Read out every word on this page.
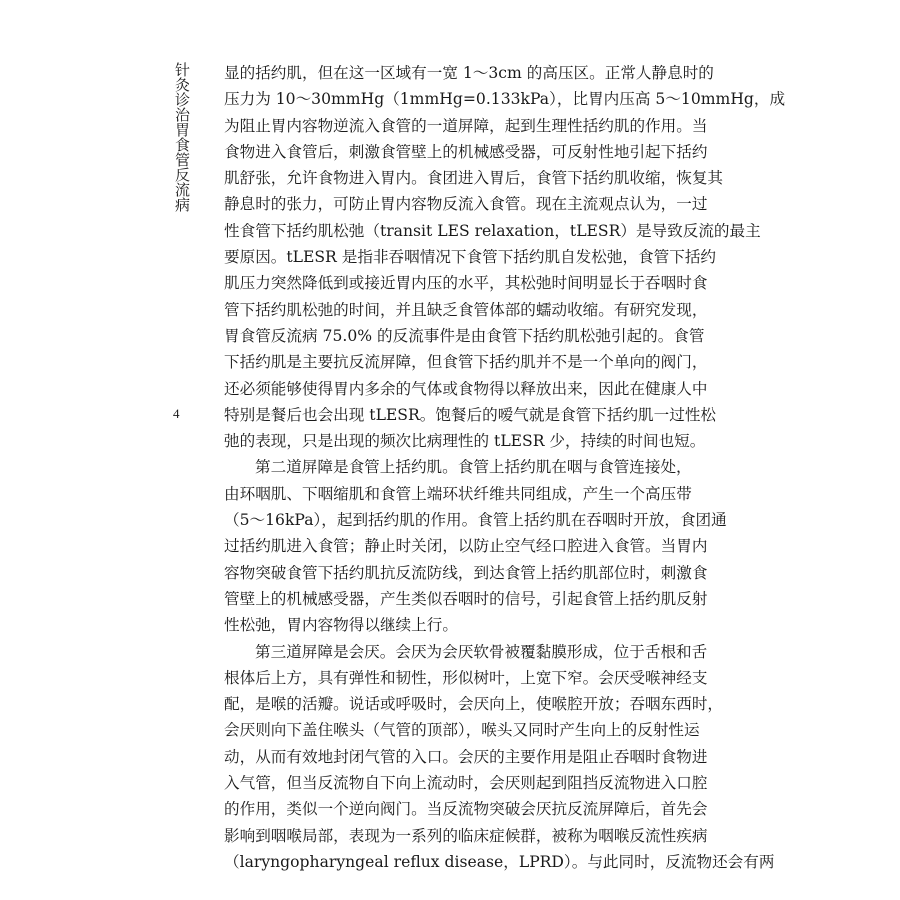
针灸诊治胃食管反流病
4
显的括约肌，但在这一区域有一宽 1～3cm 的高压区。正常人静息时的
压力为 10～30mmHg（1mmHg=0.133kPa），比胃内压高 5～10mmHg，成
为阻止胃内容物逆流入食管的一道屏障，起到生理性括约肌的作用。当
食物进入食管后，刺激食管壁上的机械感受器，可反射性地引起下括约
肌舒张，允许食物进入胃内。食团进入胃后，食管下括约肌收缩，恢复其
静息时的张力，可防止胃内容物反流入食管。现在主流观点认为，一过
性食管下括约肌松弛（transit LES relaxation，tLESR）是导致反流的最主
要原因。tLESR 是指非吞咽情况下食管下括约肌自发松弛，食管下括约
肌压力突然降低到或接近胃内压的水平，其松弛时间明显长于吞咽时食
管下括约肌松弛的时间，并且缺乏食管体部的蠕动收缩。有研究发现，
胃食管反流病 75.0% 的反流事件是由食管下括约肌松弛引起的。食管
下括约肌是主要抗反流屏障，但食管下括约肌并不是一个单向的阀门，
还必须能够使得胃内多余的气体或食物得以释放出来，因此在健康人中
特别是餐后也会出现 tLESR。饱餐后的嗳气就是食管下括约肌一过性松
弛的表现，只是出现的频次比病理性的 tLESR 少，持续的时间也短。
第二道屏障是食管上括约肌。食管上括约肌在咽与食管连接处，
由环咽肌、下咽缩肌和食管上端环状纤维共同组成，产生一个高压带
（5～16kPa），起到括约肌的作用。食管上括约肌在吞咽时开放，食团通
过括约肌进入食管；静止时关闭，以防止空气经口腔进入食管。当胃内
容物突破食管下括约肌抗反流防线，到达食管上括约肌部位时，刺激食
管壁上的机械感受器，产生类似吞咽时的信号，引起食管上括约肌反射
性松弛，胃内容物得以继续上行。
第三道屏障是会厌。会厌为会厌软骨被覆黏膜形成，位于舌根和舌
根体后上方，具有弹性和韧性，形似树叶，上宽下窄。会厌受喉神经支
配，是喉的活瓣。说话或呼吸时，会厌向上，使喉腔开放；吞咽东西时，
会厌则向下盖住喉头（气管的顶部），喉头又同时产生向上的反射性运
动，从而有效地封闭气管的入口。会厌的主要作用是阻止吞咽时食物进
入气管，但当反流物自下向上流动时，会厌则起到阻挡反流物进入口腔
的作用，类似一个逆向阀门。当反流物突破会厌抗反流屏障后，首先会
影响到咽喉局部，表现为一系列的临床症候群，被称为咽喉反流性疾病
（laryngopharyngeal reflux disease，LPRD）。与此同时，反流物还会有两
